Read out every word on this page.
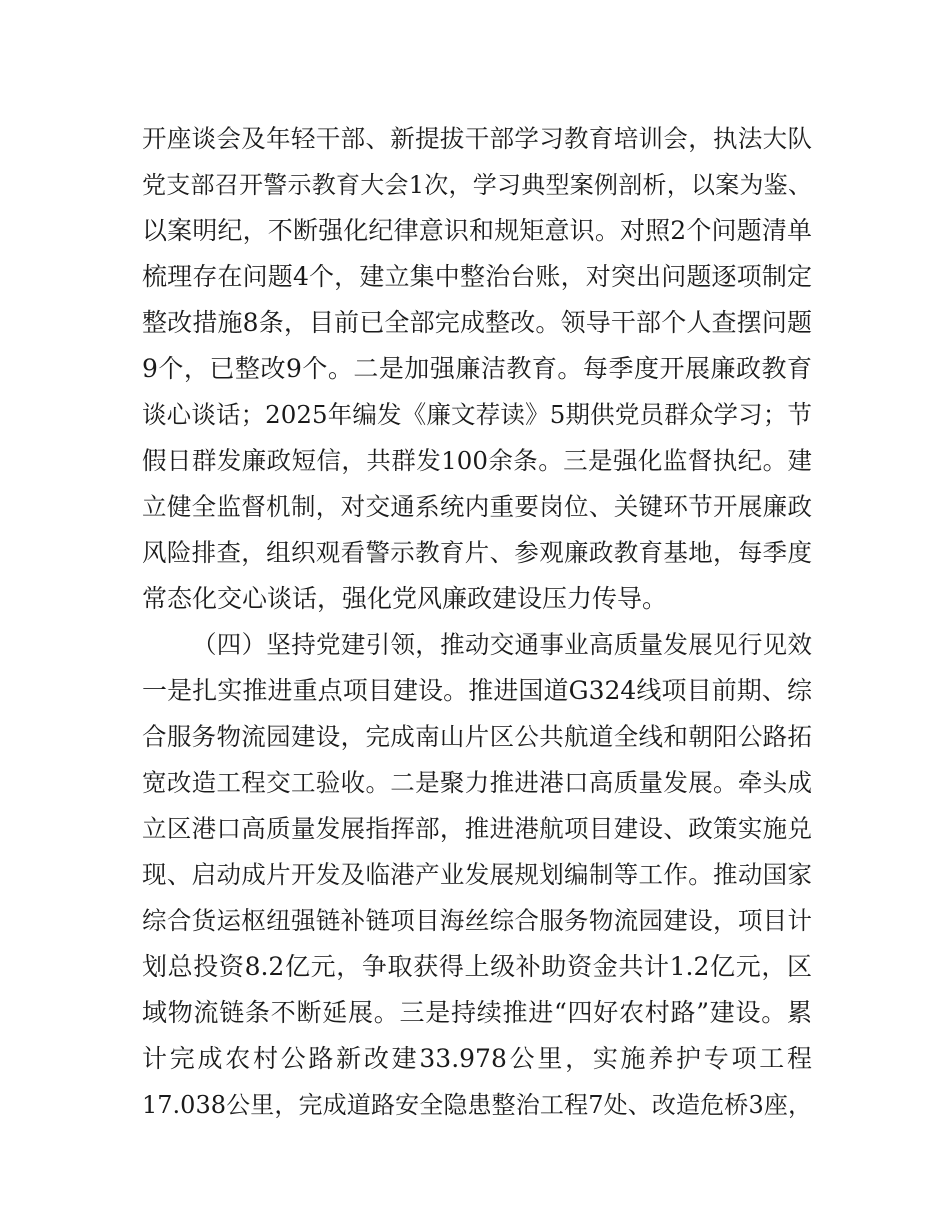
开座谈会及年轻干部、新提拔干部学习教育培训会，执法大队
党支部召开警示教育大会1次，学习典型案例剖析，以案为鉴、
以案明纪，不断强化纪律意识和规矩意识。对照2个问题清单
梳理存在问题4个，建立集中整治台账，对突出问题逐项制定
整改措施8条，目前已全部完成整改。领导干部个人查摆问题
9个，已整改9个。二是加强廉洁教育。每季度开展廉政教育
谈心谈话；2025年编发《廉文荐读》5期供党员群众学习；节
假日群发廉政短信，共群发100余条。三是强化监督执纪。建
立健全监督机制，对交通系统内重要岗位、关键环节开展廉政
风险排查，组织观看警示教育片、参观廉政教育基地，每季度
常态化交心谈话，强化党风廉政建设压力传导。
（四）坚持党建引领，推动交通事业高质量发展见行见效
一是扎实推进重点项目建设。推进国道G324线项目前期、综
合服务物流园建设，完成南山片区公共航道全线和朝阳公路拓
宽改造工程交工验收。二是聚力推进港口高质量发展。牵头成
立区港口高质量发展指挥部，推进港航项目建设、政策实施兑
现、启动成片开发及临港产业发展规划编制等工作。推动国家
综合货运枢纽强链补链项目海丝综合服务物流园建设，项目计
划总投资8.2亿元，争取获得上级补助资金共计1.2亿元，区
域物流链条不断延展。三是持续推进“四好农村路”建设。累
计完成农村公路新改建33.978公里，实施养护专项工程
17.038公里，完成道路安全隐患整治工程7处、改造危桥3座，
